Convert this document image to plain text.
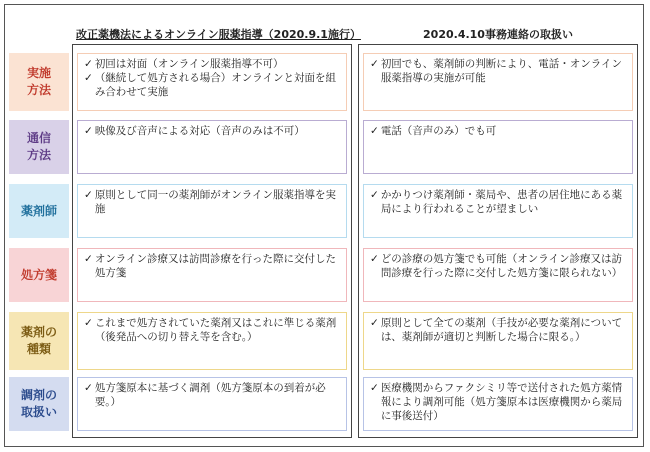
改正薬機法によるオンライン服薬指導（2020.9.1施行）	2020.4.10事務連絡の取扱い
実施
方法
✓ 初回は対面（オンライン服薬指導不可）
✓ （継続して処方される場合）オンラインと対面を組み合わせて実施
✓ 初回でも、薬剤師の判断により、電話・オンライン服薬指導の実施が可能
通信
方法
✓ 映像及び音声による対応（音声のみは不可）	✓ 電話（音声のみ）でも可
薬剤師
✓ 原則として同一の薬剤師がオンライン服薬指導を実施
✓ かかりつけ薬剤師・薬局や、患者の居住地にある薬局により行われることが望ましい
処方箋
✓ オンライン診療又は訪問診療を行った際に交付した処方箋
✓ どの診療の処方箋でも可能（オンライン診療又は訪問診療を行った際に交付した処方箋に限られない）
薬剤の
種類
✓ これまで処方されていた薬剤又はこれに準じる薬剤（後発品への切り替え等を含む。）
✓ 原則として全ての薬剤（手技が必要な薬剤については、薬剤師が適切と判断した場合に限る。）
調剤の
取扱い
✓ 処方箋原本に基づく調剤（処方箋原本の到着が必要。）
✓ 医療機関からファクシミリ等で送付された処方薬情報により調剤可能（処方箋原本は医療機関から薬局に事後送付）
